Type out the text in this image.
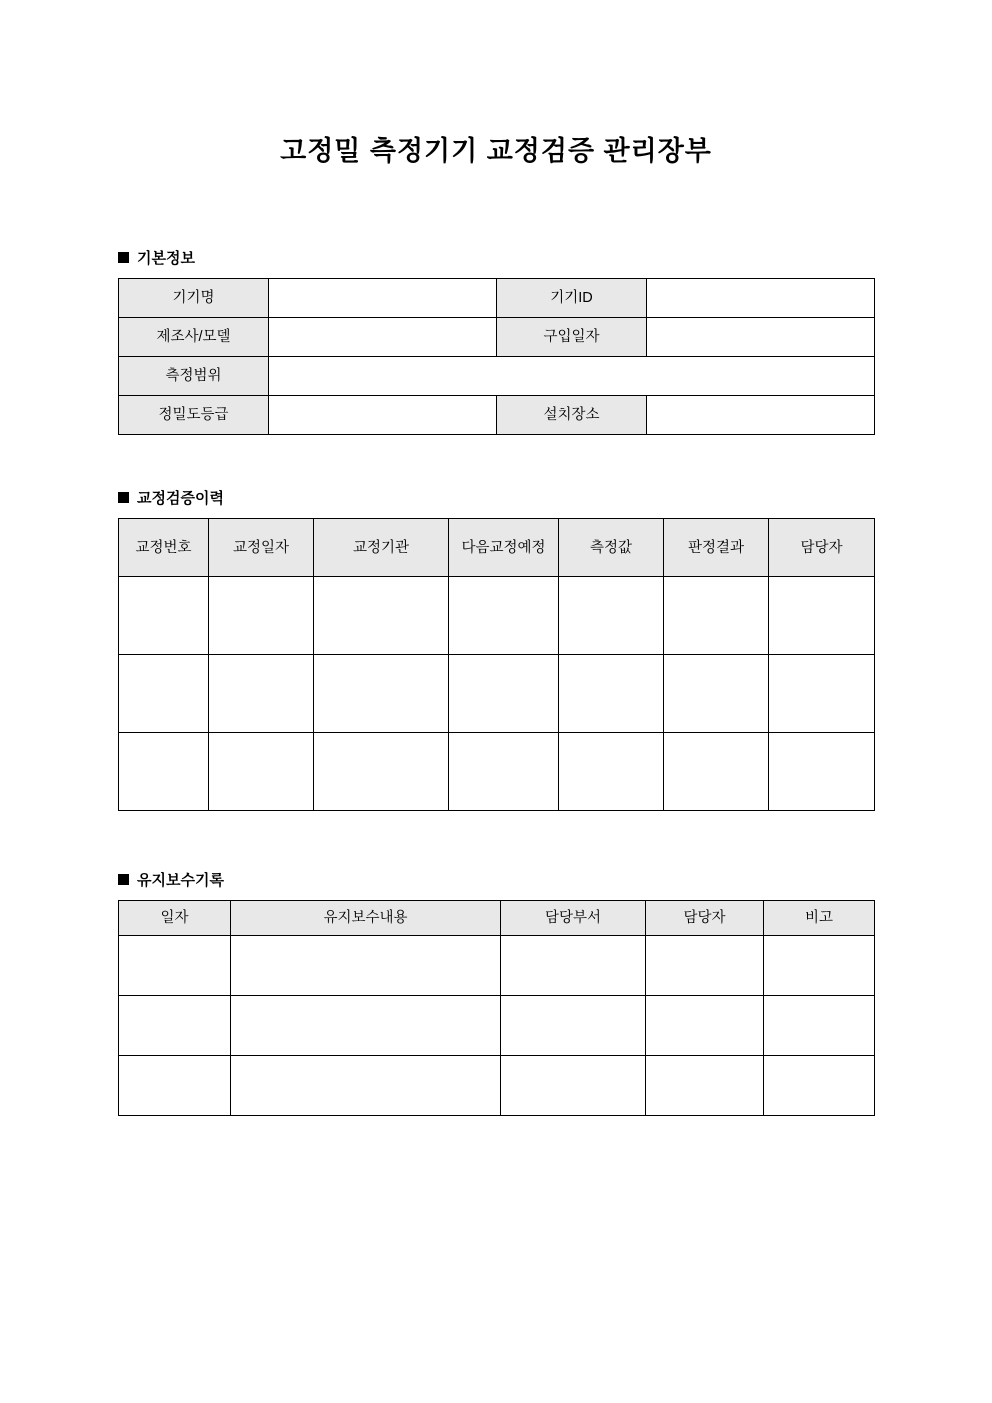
고정밀 측정기기 교정검증 관리장부
기본정보
기기명		기기ID	
제조사/모델		구입일자	
측정범위			
정밀도등급		설치장소	
교정검증이력
교정번호	교정일자	교정기관	다음교정예정	측정값	판정결과	담당자

유지보수기록
일자	유지보수내용	담당부서	담당자	비고
